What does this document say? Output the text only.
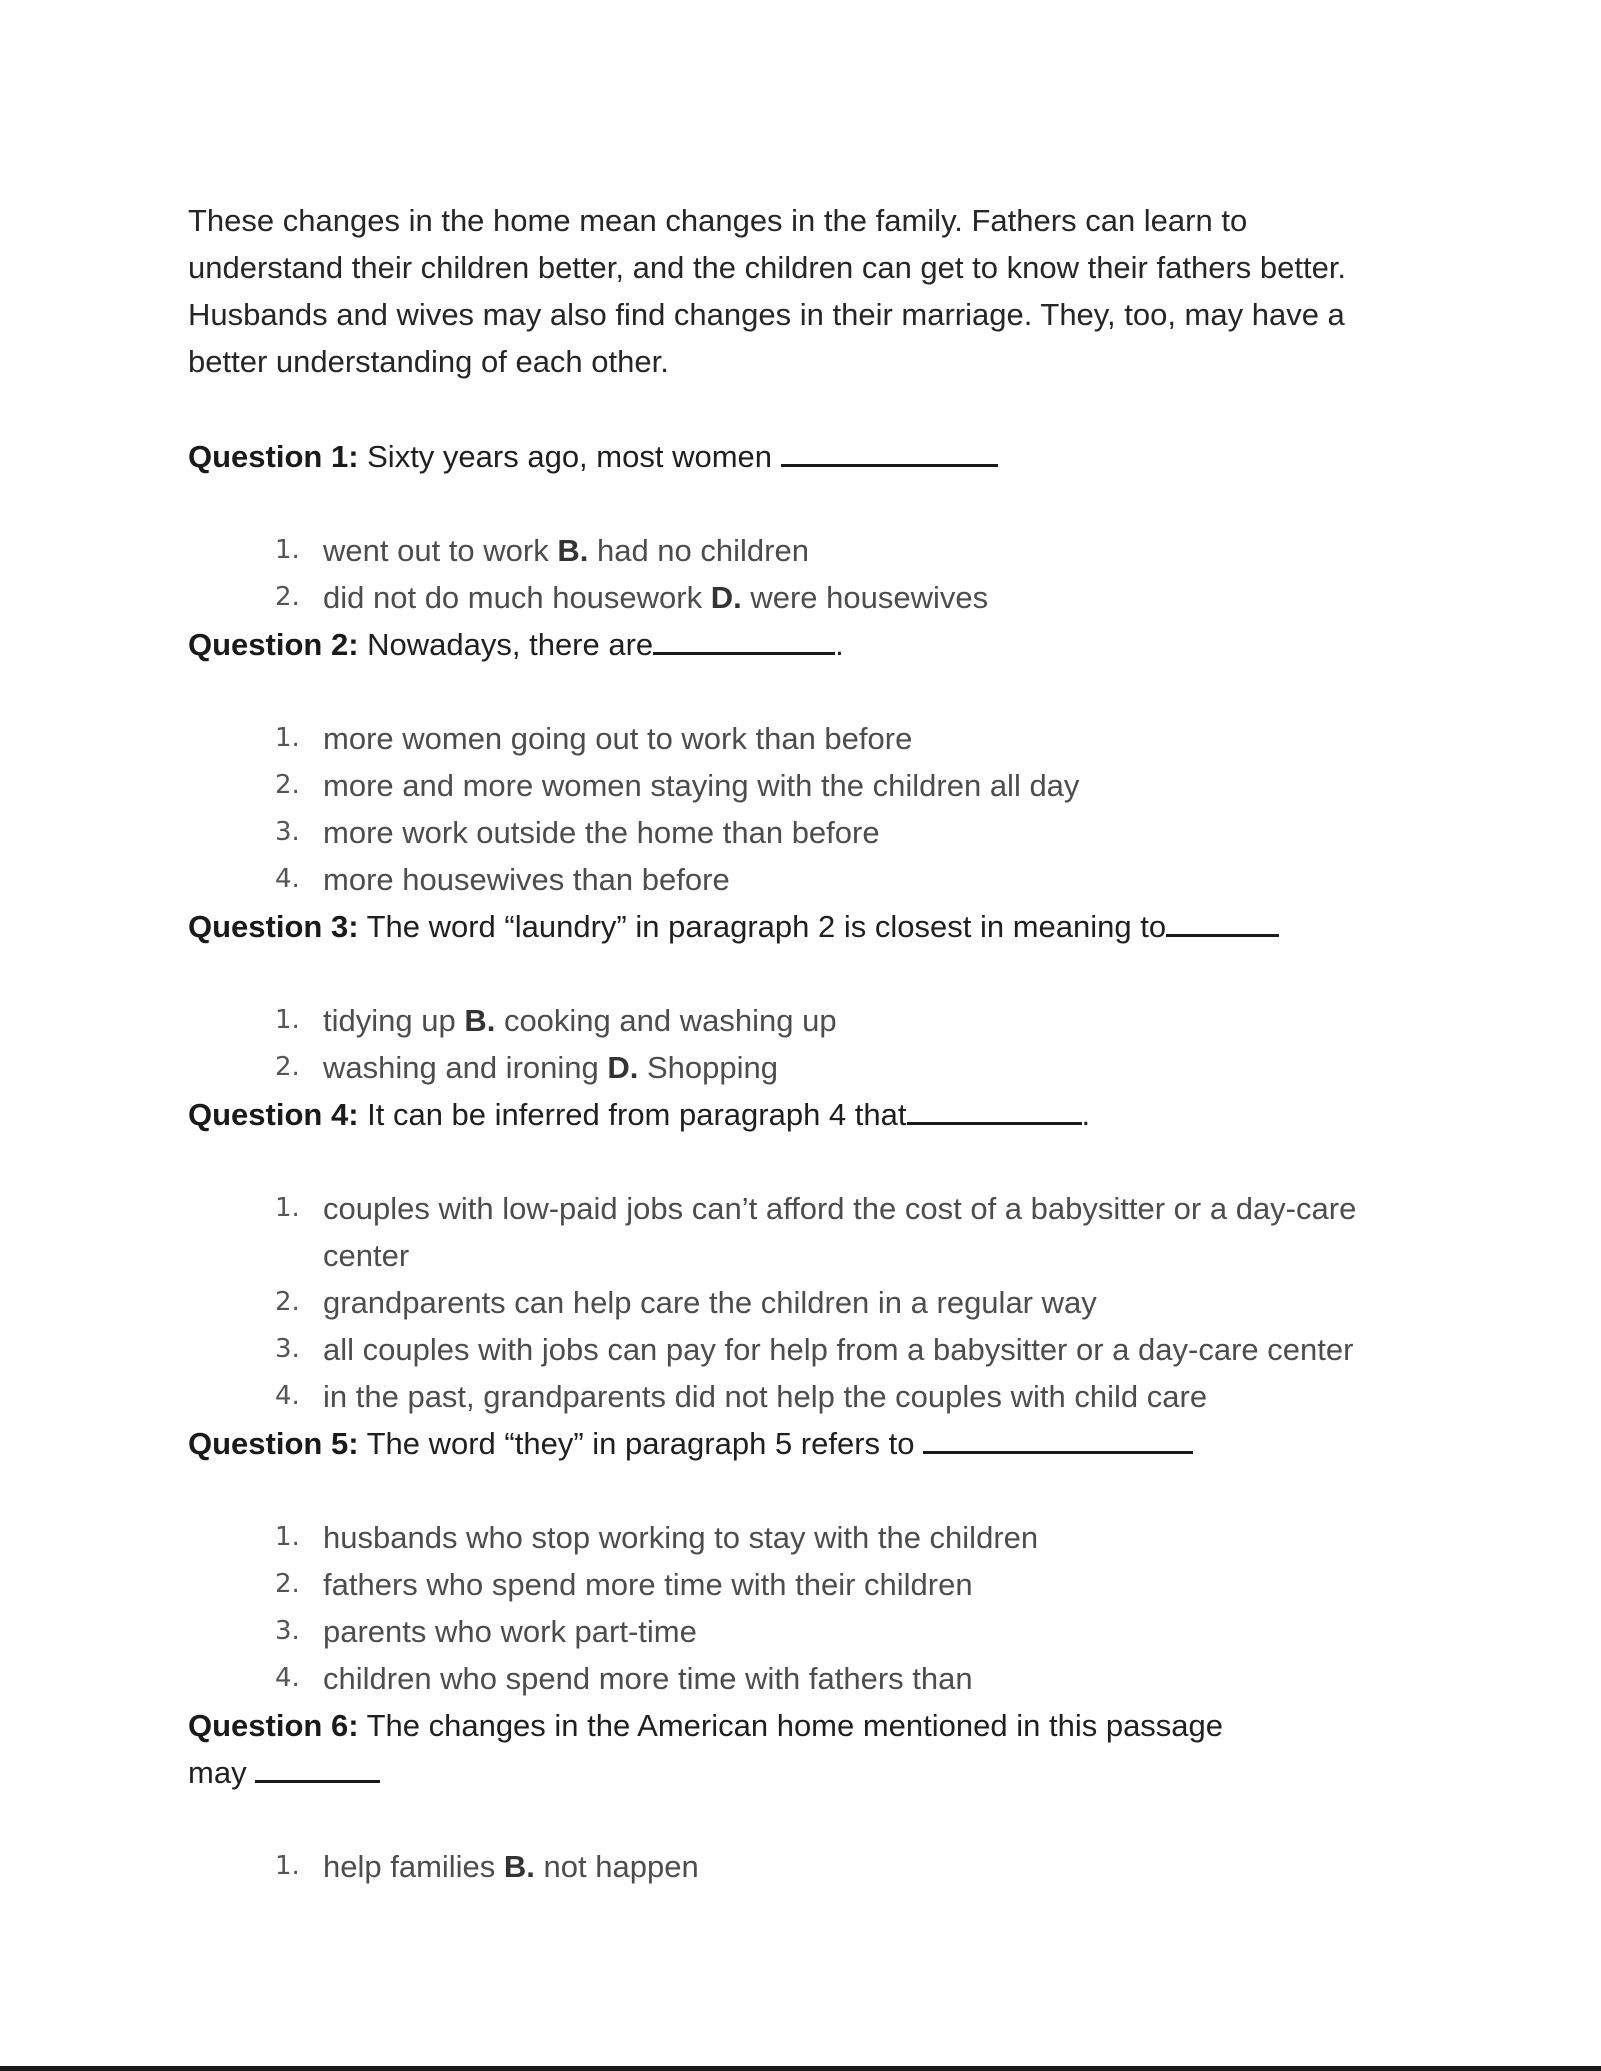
These changes in the home mean changes in the family. Fathers can learn to
understand their children better, and the children can get to know their fathers better.
Husbands and wives may also find changes in their marriage. They, too, may have a
better understanding of each other.

Question 1: Sixty years ago, most women

1. went out to work B. had no children
2. did not do much housework D. were housewives

Question 2: Nowadays, there are	.

1. more women going out to work than before
2. more and more women staying with the children all day
3. more work outside the home than before
4. more housewives than before

Question 3: The word “laundry” in paragraph 2 is closest in meaning to

1. tidying up B. cooking and washing up
2. washing and ironing D. Shopping

Question 4: It can be inferred from paragraph 4 that	.

1. couples with low-paid jobs can’t afford the cost of a babysitter or a day-care center
2. grandparents can help care the children in a regular way
3. all couples with jobs can pay for help from a babysitter or a day-care center
4. in the past, grandparents did not help the couples with child care

Question 5: The word “they” in paragraph 5 refers to

1. husbands who stop working to stay with the children
2. fathers who spend more time with their children
3. parents who work part-time
4. children who spend more time with fathers than

Question 6: The changes in the American home mentioned in this passage
may

1. help families B. not happen
